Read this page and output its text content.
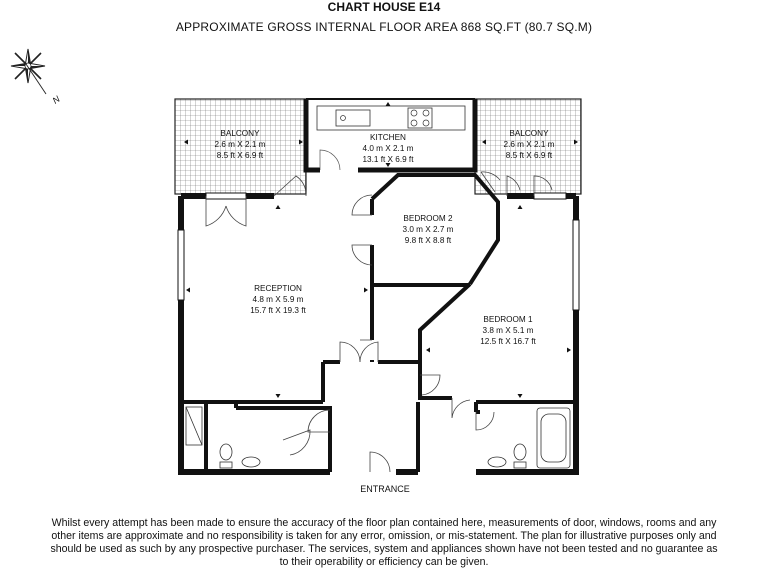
CHART HOUSE E14
APPROXIMATE GROSS INTERNAL FLOOR AREA 868 SQ.FT (80.7 SQ.M)
N
BALCONY
2.6 m X 2.1 m
8.5 ft X 6.9 ft
KITCHEN
4.0 m X 2.1 m
13.1 ft X 6.9 ft
BALCONY
2.6 m X 2.1 m
8.5 ft X 6.9 ft
BEDROOM 2
3.0 m X 2.7 m
9.8 ft X 8.8 ft
RECEPTION
4.8 m X 5.9 m
15.7 ft X 19.3 ft
BEDROOM 1
3.8 m X 5.1 m
12.5 ft X 16.7 ft
ENTRANCE
Whilst every attempt has been made to ensure the accuracy of the floor plan contained here, measurements of door, windows, rooms and any
other items are approximate and no responsibility is taken for any error, omission, or mis-statement. The plan for illustrative purposes only and
should be used as such by any prospective purchaser. The services, system and appliances shown have not been tested and no guarantee as
to their operability or efficiency can be given.
